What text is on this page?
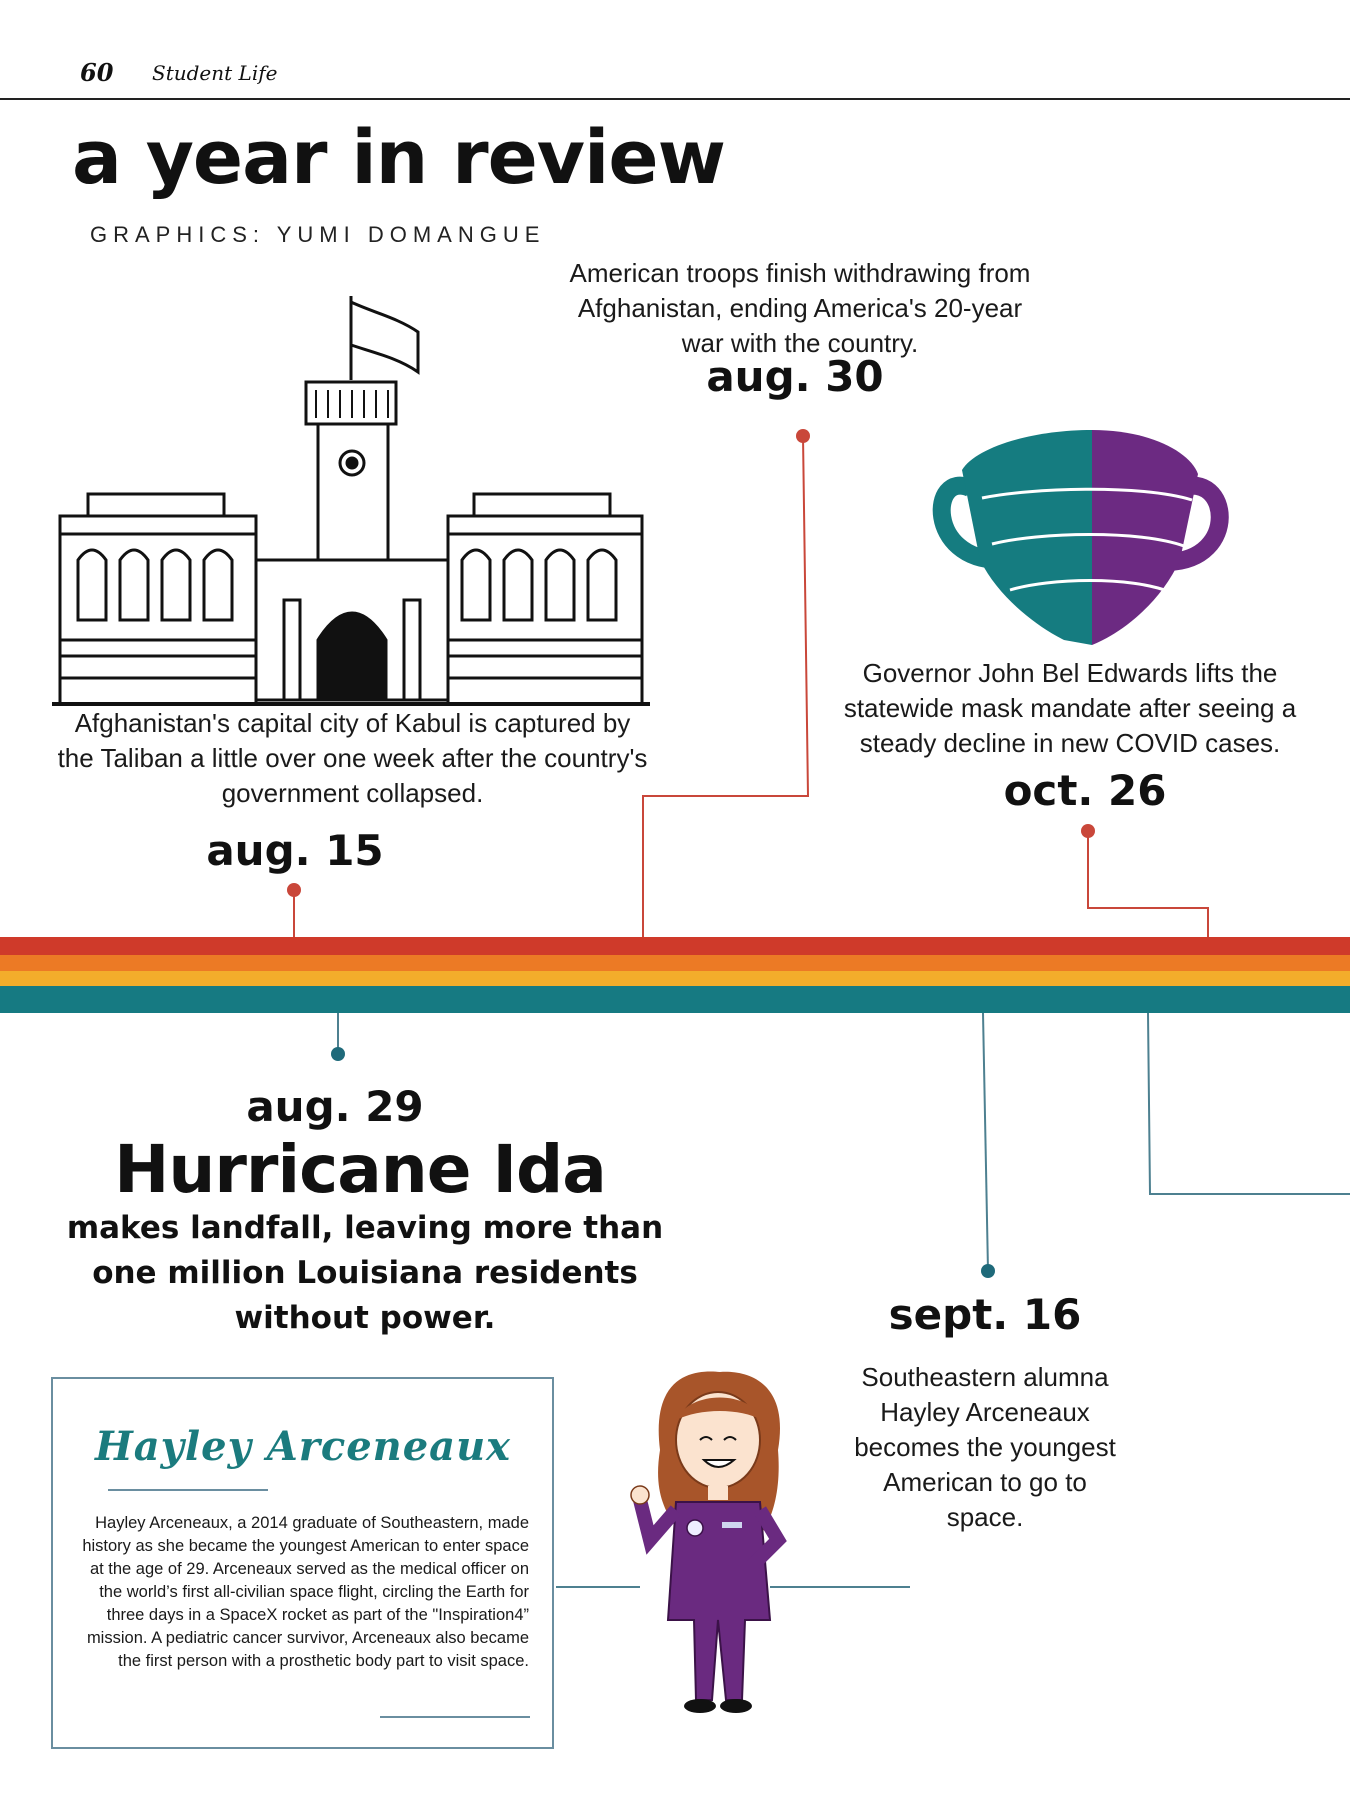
60 Student Life
a year in review
GRAPHICS: YUMI DOMANGUE
American troops finish withdrawing from Afghanistan, ending America's 20-year war with the country.
aug. 30
Afghanistan's capital city of Kabul is captured by the Taliban a little over one week after the country's government collapsed.
aug. 15
Governor John Bel Edwards lifts the statewide mask mandate after seeing a steady decline in new COVID cases.
oct. 26
aug. 29
Hurricane Ida
makes landfall, leaving more than one million Louisiana residents without power.	sept. 16
Southeastern alumna Hayley Arceneaux becomes the youngest American to go to space.
Hayley Arceneaux
Hayley Arceneaux, a 2014 graduate of Southeastern, made history as she became the youngest American to enter space at the age of 29. Arceneaux served as the medical officer on the world’s first all-civilian space flight, circling the Earth for three days in a SpaceX rocket as part of the "Inspiration4” mission. A pediatric cancer survivor, Arceneaux also became the first person with a prosthetic body part to visit space.
